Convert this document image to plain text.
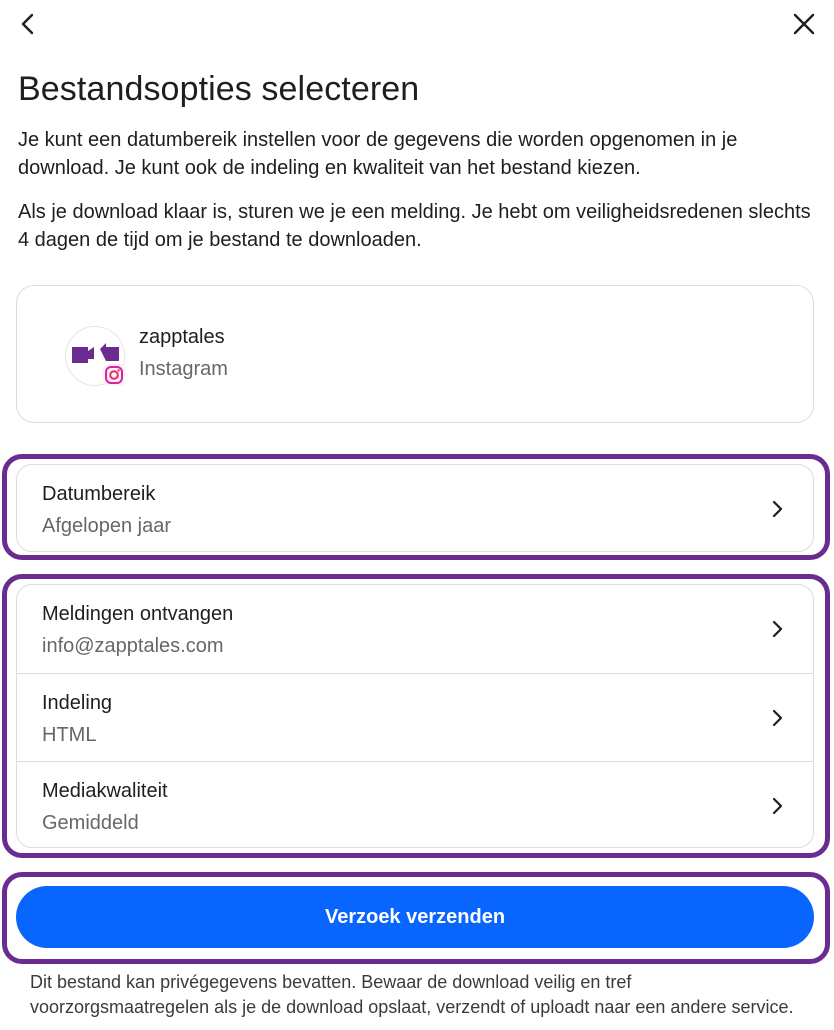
Bestandsopties selecteren

Je kunt een datumbereik instellen voor de gegevens die worden opgenomen in je download. Je kunt ook de indeling en kwaliteit van het bestand kiezen.

Als je download klaar is, sturen we je een melding. Je hebt om veiligheidsredenen slechts 4 dagen de tijd om je bestand te downloaden.

zapptales
Instagram
Datumbereik
Afgelopen jaar
Meldingen ontvangen
info@zapptales.com
Indeling
HTML
Mediakwaliteit
Gemiddeld
Verzoek verzenden

Dit bestand kan privégegevens bevatten. Bewaar de download veilig en tref voorzorgsmaatregelen als je de download opslaat, verzendt of uploadt naar een andere service.
